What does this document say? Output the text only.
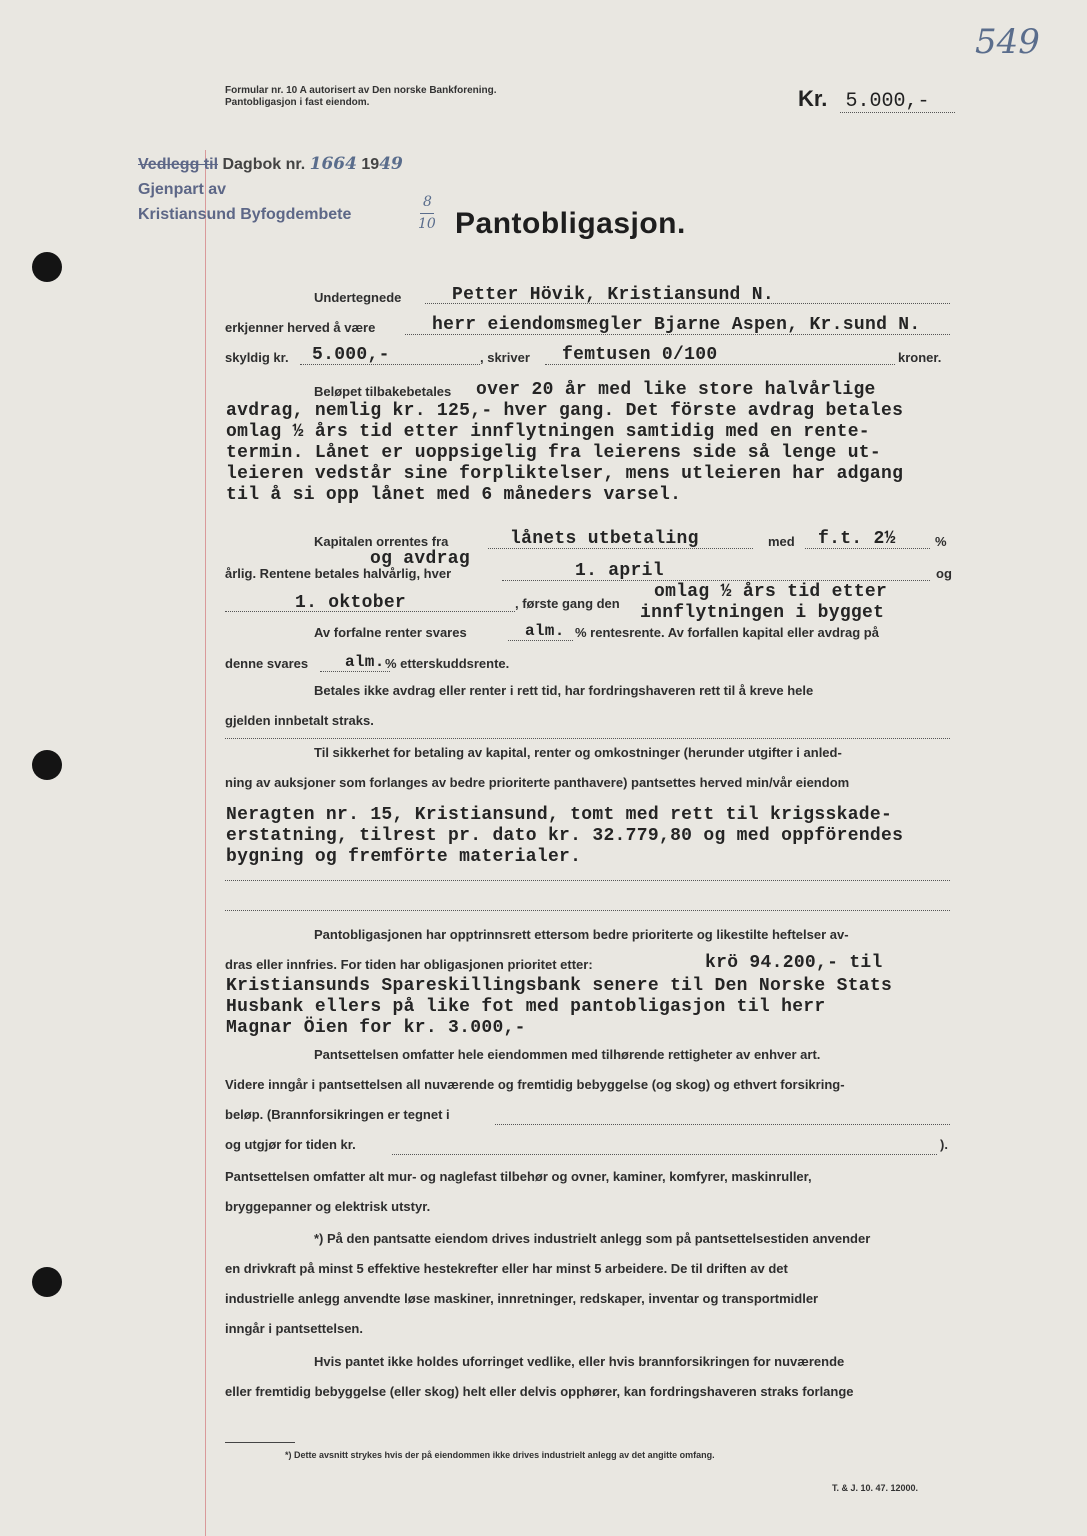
Formular nr. 10 A autorisert av Den norske Bankforening.
Pantobligasjon i fast eiendom.	Kr. 5.000,-
549
Vedlegg til Dagbok nr. 1664 1949
Gjenpart av
Kristiansund Byfogdembete
8
10 Pantobligasjon.
Undertegnede	Petter Hövik, Kristiansund N.
erkjenner herved å være	herr eiendomsmegler Bjarne Aspen, Kr.sund N.
skyldig kr. 5.000,-	, skriver femtusen 0/100	kroner.
Beløpet tilbakebetales	over 20 år med like store halvårlige
avdrag, nemlig kr. 125,- hver gang. Det förste avdrag betales
omlag ½ års tid etter innflytningen samtidig med en rente-
termin. Lånet er uoppsigelig fra leierens side så lenge ut-
leieren vedstår sine forpliktelser, mens utleieren har adgang
til å si opp lånet med 6 måneders varsel.
Kapitalen orrentes fra	lånets utbetaling	med f.t. 2½	%
og avdrag
årlig. Rentene betales halvårlig, hver	1. april	og
1. oktober	, første gang den
omlag ½ års tid etter
innflytningen i bygget
Av forfalne renter svares	alm. % rentesrente. Av forfallen kapital eller avdrag på
denne svares alm. % etterskuddsrente.
Betales ikke avdrag eller renter i rett tid, har fordringshaveren rett til å kreve hele
gjelden innbetalt straks.
Til sikkerhet for betaling av kapital, renter og omkostninger (herunder utgifter i anled-
ning av auksjoner som forlanges av bedre prioriterte panthavere) pantsettes herved min/vår eiendom
Neragten nr. 15, Kristiansund, tomt med rett til krigsskade-
erstatning, tilrest pr. dato kr. 32.779,80 og med oppförendes
bygning og fremförte materialer.
Pantobligasjonen har opptrinnsrett ettersom bedre prioriterte og likestilte heftelser av-
dras eller innfries. For tiden har obligasjonen prioritet etter:	krö 94.200,- til
Kristiansunds Spareskillingsbank senere til Den Norske Stats
Husbank ellers på like fot med pantobligasjon til herr
Magnar Öien for kr. 3.000,-
Pantsettelsen omfatter hele eiendommen med tilhørende rettigheter av enhver art.
Videre inngår i pantsettelsen all nuværende og fremtidig bebyggelse (og skog) og ethvert forsikring-
beløp. (Brannforsikringen er tegnet i
og utgjør for tiden kr.	).
Pantsettelsen omfatter alt mur- og naglefast tilbehør og ovner, kaminer, komfyrer, maskinruller,
bryggepanner og elektrisk utstyr.
*) På den pantsatte eiendom drives industrielt anlegg som på pantsettelsestiden anvender
en drivkraft på minst 5 effektive hestekrefter eller har minst 5 arbeidere. De til driften av det
industrielle anlegg anvendte løse maskiner, innretninger, redskaper, inventar og transportmidler
inngår i pantsettelsen.
Hvis pantet ikke holdes uforringet vedlike, eller hvis brannforsikringen for nuværende
eller fremtidig bebyggelse (eller skog) helt eller delvis opphører, kan fordringshaveren straks forlange
*) Dette avsnitt strykes hvis der på eiendommen ikke drives industrielt anlegg av det angitte omfang.
T. & J. 10. 47. 12000.
